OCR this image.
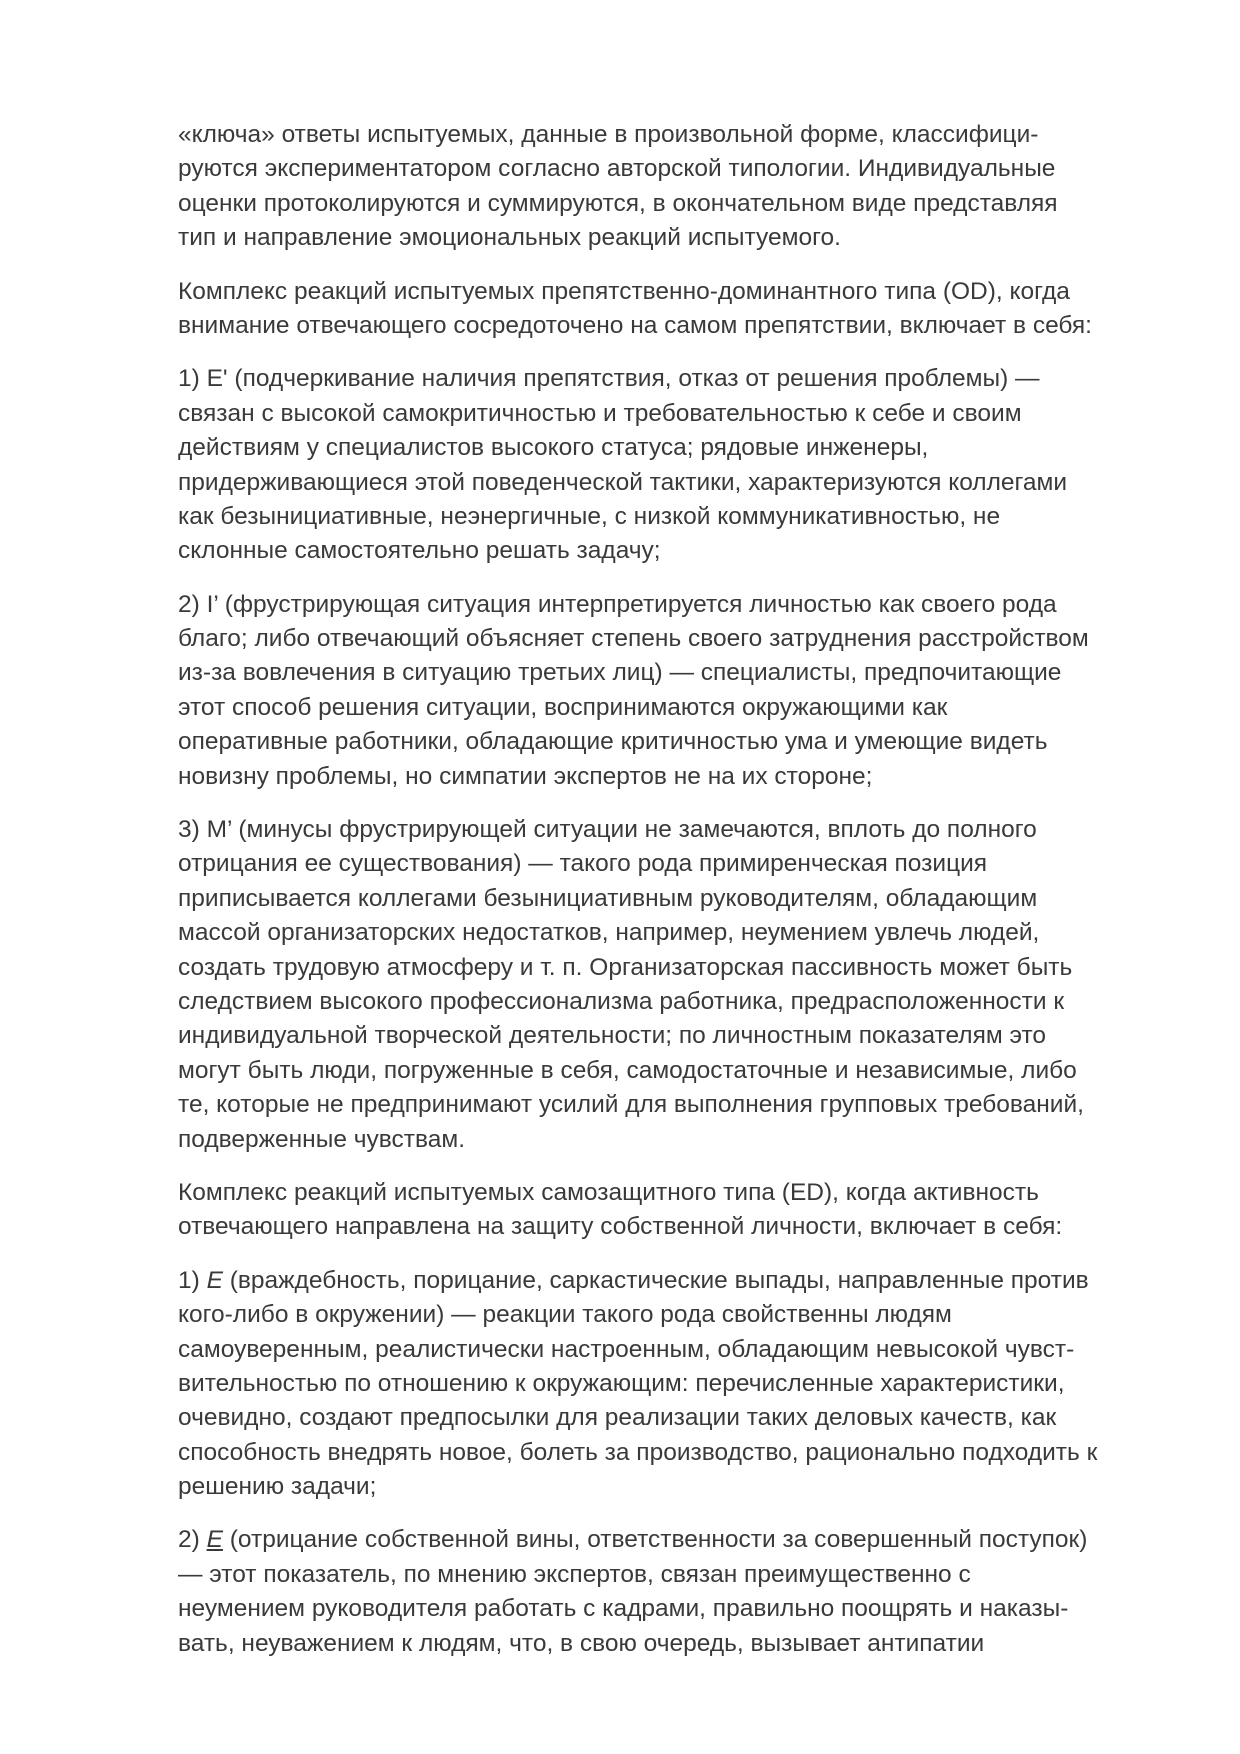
«ключа» ответы испытуемых, данные в произвольной форме, классифици-
руются экспериментатором согласно авторской типологии. Индивидуальные
оценки протоколируются и суммируются, в окончательном виде представляя
тип и направление эмоциональных реакций испытуемого.

Комплекс реакций испытуемых препятственно-доминантного типа (OD), когда
внимание отвечающего сосредоточено на самом препятствии, включает в себя:

1) E' (подчеркивание наличия препятствия, отказ от решения проблемы) —
связан с высокой самокритичностью и требовательностью к себе и своим
действиям у специалистов высокого статуса; рядовые инженеры,
придерживающиеся этой поведенческой тактики, характеризуются коллегами
как безынициативные, неэнергичные, с низкой коммуникативностью, не
склонные самостоятельно решать задачу;

2) I’ (фрустрирующая ситуация интерпретируется личностью как своего рода
благо; либо отвечающий объясняет степень своего затруднения расстройством
из-за вовлечения в ситуацию третьих лиц) — специалисты, предпочитающие
этот способ решения ситуации, воспринимаются окружающими как
оперативные работники, обладающие критичностью ума и умеющие видеть
новизну проблемы, но симпатии экспертов не на их стороне;

3) M’ (минусы фрустрирующей ситуации не замечаются, вплоть до полного
отрицания ее существования) — такого рода примиренческая позиция
приписывается коллегами безынициативным руководителям, обладающим
массой организаторских недостатков, например, неумением увлечь людей,
создать трудовую атмосферу и т. п. Организаторская пассивность может быть
следствием высокого профессионализма работника, предрасположенности к
индивидуальной творческой деятельности; по личностным показателям это
могут быть люди, погруженные в себя, самодостаточные и независимые, либо
те, которые не предпринимают усилий для выполнения групповых требований,
подверженные чувствам.

Комплекс реакций испытуемых самозащитного типа (ED), когда активность
отвечающего направлена на защиту собственной личности, включает в себя:

1) E (враждебность, порицание, саркастические выпады, направленные против
кого-либо в окружении) — реакции такого рода свойственны людям
самоуверенным, реалистически настроенным, обладающим невысокой чувст-
вительностью по отношению к окружающим: перечисленные характеристики,
очевидно, создают предпосылки для реализации таких деловых качеств, как
способность внедрять новое, болеть за производство, рационально подходить к
решению задачи;

2) E (отрицание собственной вины, ответственности за совершенный поступок)
— этот показатель, по мнению экспертов, связан преимущественно с
неумением руководителя работать с кадрами, правильно поощрять и наказы-
вать, неуважением к людям, что, в свою очередь, вызывает антипатии
